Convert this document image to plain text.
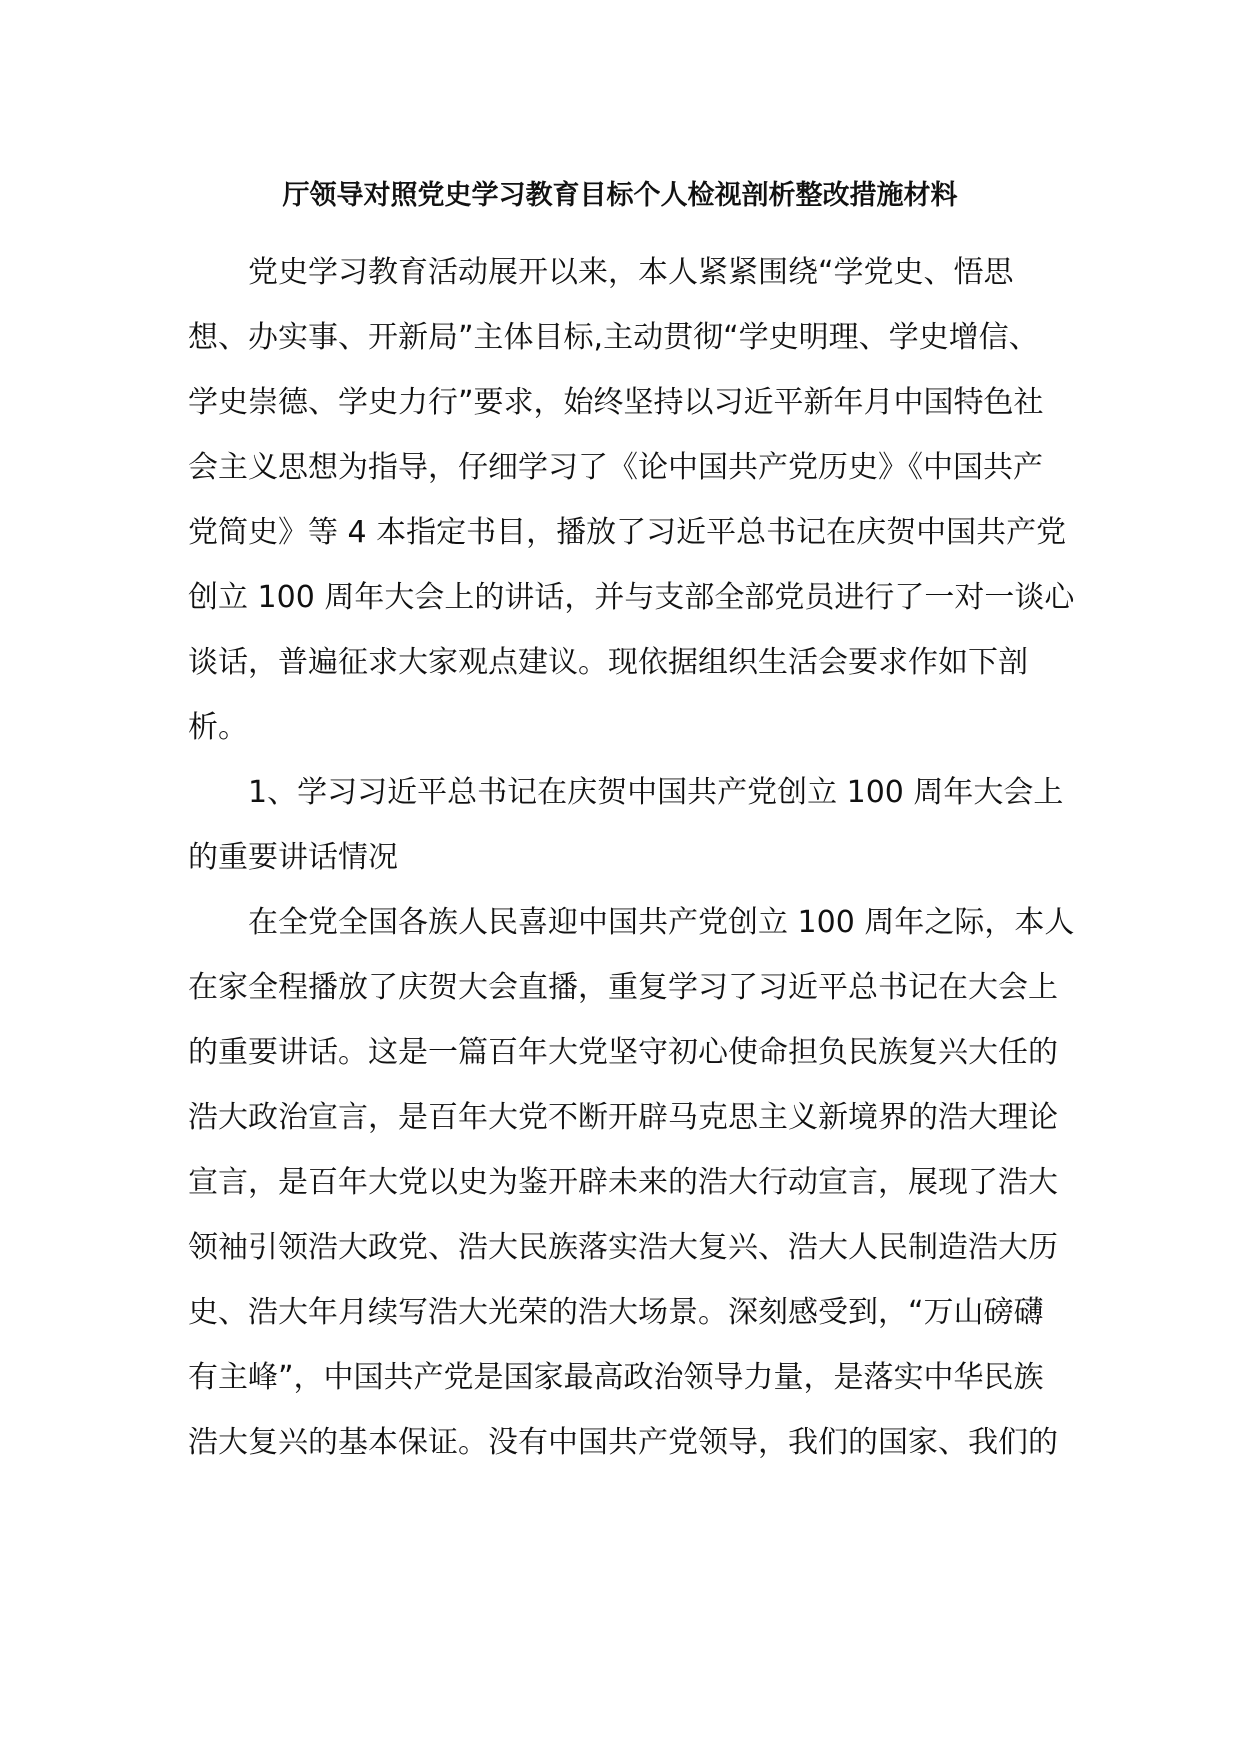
厅领导对照党史学习教育目标个人检视剖析整改措施材料
　　党史学习教育活动展开以来，本人紧紧围绕“学党史、悟思
想、办实事、开新局”主体目标,主动贯彻“学史明理、学史增信、
学史崇德、学史力行”要求，始终坚持以习近平新年月中国特色社
会主义思想为指导，仔细学习了《论中国共产党历史》《中国共产
党简史》等 4 本指定书目，播放了习近平总书记在庆贺中国共产党
创立 100 周年大会上的讲话，并与支部全部党员进行了一对一谈心
谈话，普遍征求大家观点建议。现依据组织生活会要求作如下剖
析。
　　1、学习习近平总书记在庆贺中国共产党创立 100 周年大会上
的重要讲话情况
　　在全党全国各族人民喜迎中国共产党创立 100 周年之际，本人
在家全程播放了庆贺大会直播，重复学习了习近平总书记在大会上
的重要讲话。这是一篇百年大党坚守初心使命担负民族复兴大任的
浩大政治宣言，是百年大党不断开辟马克思主义新境界的浩大理论
宣言，是百年大党以史为鉴开辟未来的浩大行动宣言，展现了浩大
领袖引领浩大政党、浩大民族落实浩大复兴、浩大人民制造浩大历
史、浩大年月续写浩大光荣的浩大场景。深刻感受到，“万山磅礴
有主峰”，中国共产党是国家最高政治领导力量，是落实中华民族
浩大复兴的基本保证。没有中国共产党领导，我们的国家、我们的
